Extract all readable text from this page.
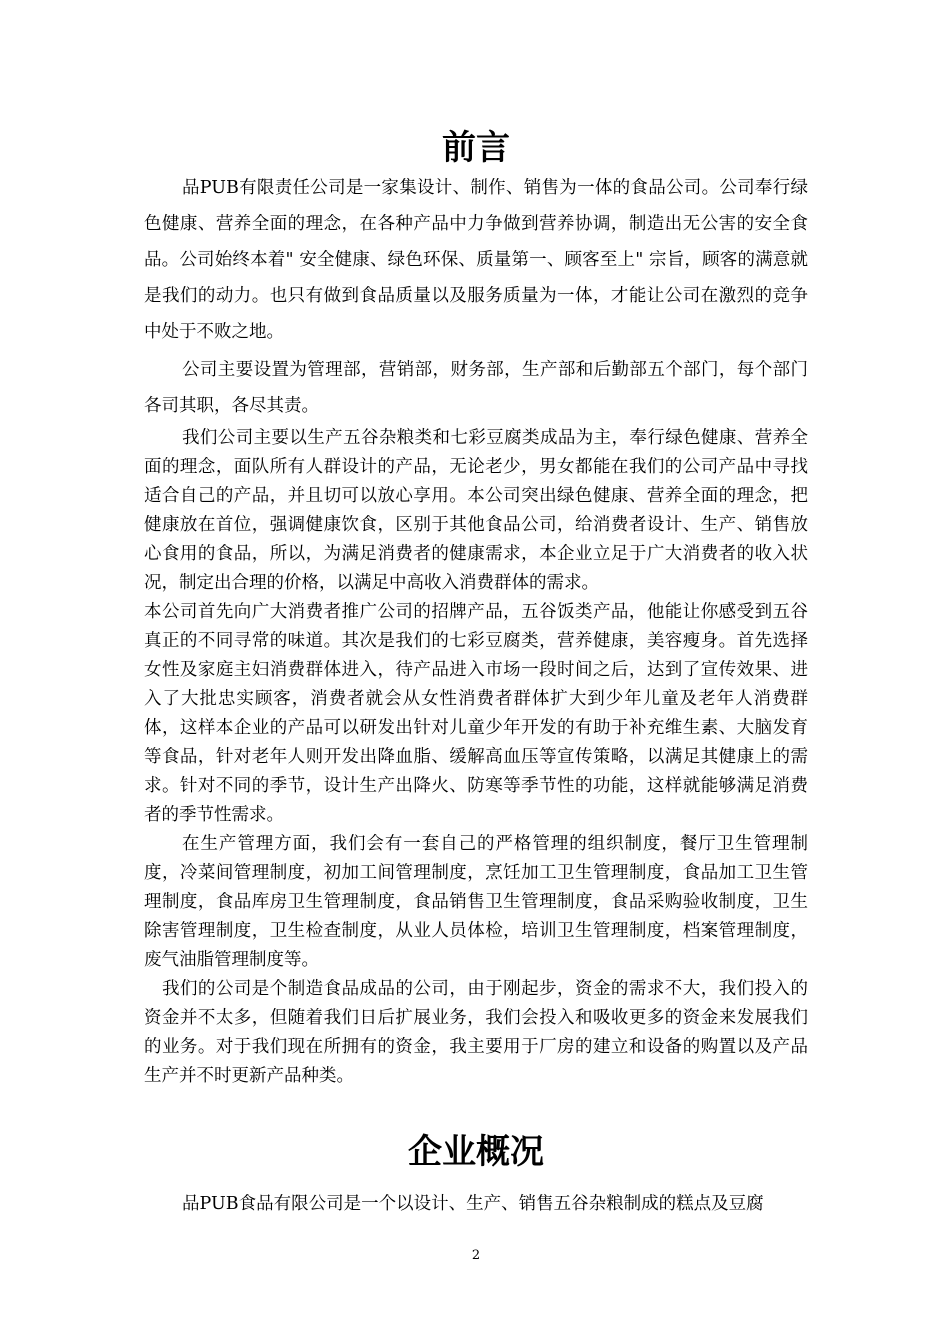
前言

品PUB有限责任公司是一家集设计、制作、销售为一体的食品公司。公司奉行绿色健康、营养全面的理念，在各种产品中力争做到营养协调，制造出无公害的安全食品。公司始终本着" 安全健康、绿色环保、质量第一、顾客至上" 宗旨，顾客的满意就是我们的动力。也只有做到食品质量以及服务质量为一体，才能让公司在激烈的竞争中处于不败之地。

公司主要设置为管理部，营销部，财务部，生产部和后勤部五个部门，每个部门各司其职，各尽其责。

我们公司主要以生产五谷杂粮类和七彩豆腐类成品为主，奉行绿色健康、营养全面的理念，面队所有人群设计的产品，无论老少，男女都能在我们的公司产品中寻找适合自己的产品，并且切可以放心享用。本公司突出绿色健康、营养全面的理念，把健康放在首位，强调健康饮食，区别于其他食品公司，给消费者设计、生产、销售放心食用的食品，所以，为满足消费者的健康需求，本企业立足于广大消费者的收入状况，制定出合理的价格，以满足中高收入消费群体的需求。

本公司首先向广大消费者推广公司的招牌产品，五谷饭类产品，他能让你感受到五谷真正的不同寻常的味道。其次是我们的七彩豆腐类，营养健康，美容瘦身。首先选择女性及家庭主妇消费群体进入，待产品进入市场一段时间之后，达到了宣传效果、进入了大批忠实顾客，消费者就会从女性消费者群体扩大到少年儿童及老年人消费群体，这样本企业的产品可以研发出针对儿童少年开发的有助于补充维生素、大脑发育等食品，针对老年人则开发出降血脂、缓解高血压等宣传策略，以满足其健康上的需求。针对不同的季节，设计生产出降火、防寒等季节性的功能，这样就能够满足消费者的季节性需求。

在生产管理方面，我们会有一套自己的严格管理的组织制度，餐厅卫生管理制度，冷菜间管理制度，初加工间管理制度，烹饪加工卫生管理制度，食品加工卫生管理制度，食品库房卫生管理制度，食品销售卫生管理制度，食品采购验收制度，卫生除害管理制度，卫生检查制度，从业人员体检，培训卫生管理制度，档案管理制度，废气油脂管理制度等。

我们的公司是个制造食品成品的公司，由于刚起步，资金的需求不大，我们投入的资金并不太多，但随着我们日后扩展业务，我们会投入和吸收更多的资金来发展我们的业务。对于我们现在所拥有的资金，我主要用于厂房的建立和设备的购置以及产品生产并不时更新产品种类。

企业概况

品PUB食品有限公司是一个以设计、生产、销售五谷杂粮制成的糕点及豆腐

2
